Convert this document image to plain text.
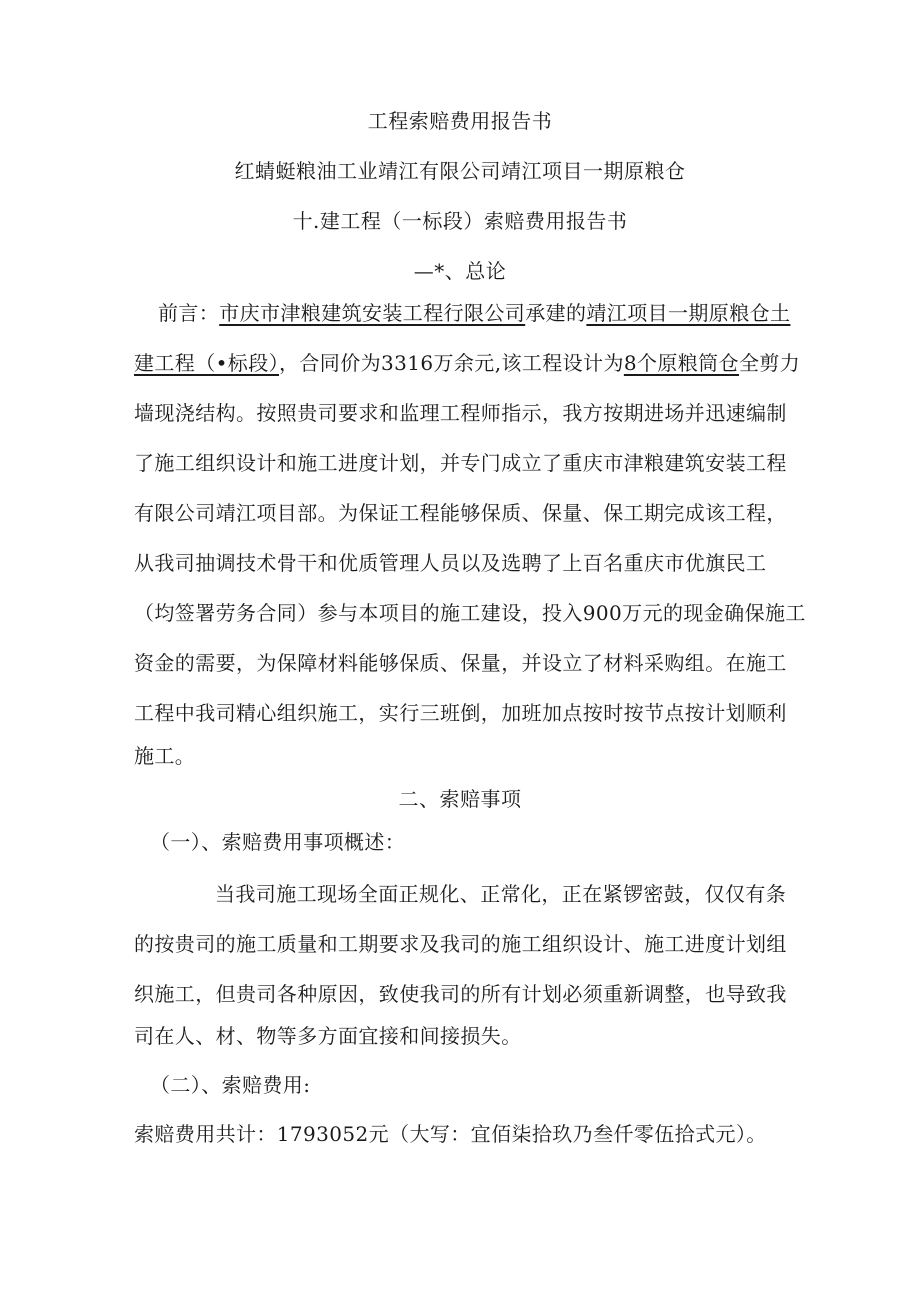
工程索赔费用报告书
红蜻蜓粮油工业靖江有限公司靖江项目一期原粮仓
十.建工程（一标段）索赔费用报告书
—*、总论
前言：市庆市津粮建筑安装工程行限公司承建的靖江项目一期原粮仓土
建工程（•标段），合同价为3316万余元,该工程设计为8个原粮筒仓全剪力
墙现浇结构。按照贵司要求和监理工程师指示，我方按期进场并迅速编制
了施工组织设计和施工进度计划，并专门成立了重庆市津粮建筑安装工程
有限公司靖江项目部。为保证工程能够保质、保量、保工期完成该工程，
从我司抽调技术骨干和优质管理人员以及选聘了上百名重庆市优旗民工
（均签署劳务合同）参与本项目的施工建设，投入900万元的现金确保施工
资金的需要，为保障材料能够保质、保量，并设立了材料采购组。在施工
工程中我司精心组织施工，实行三班倒，加班加点按时按节点按计划顺利
施工。
二、索赔事项
（一）、索赔费用事项概述：
当我司施工现场全面正规化、正常化，正在紧锣密鼓，仅仅有条
的按贵司的施工质量和工期要求及我司的施工组织设计、施工进度计划组
织施工，但贵司各种原因，致使我司的所有计划必须重新调整，也导致我
司在人、材、物等多方面宜接和间接损失。
（二）、索赔费用:
索赔费用共计：1793052元（大写：宜佰柒拾玖乃叁仟零伍拾式元）。
